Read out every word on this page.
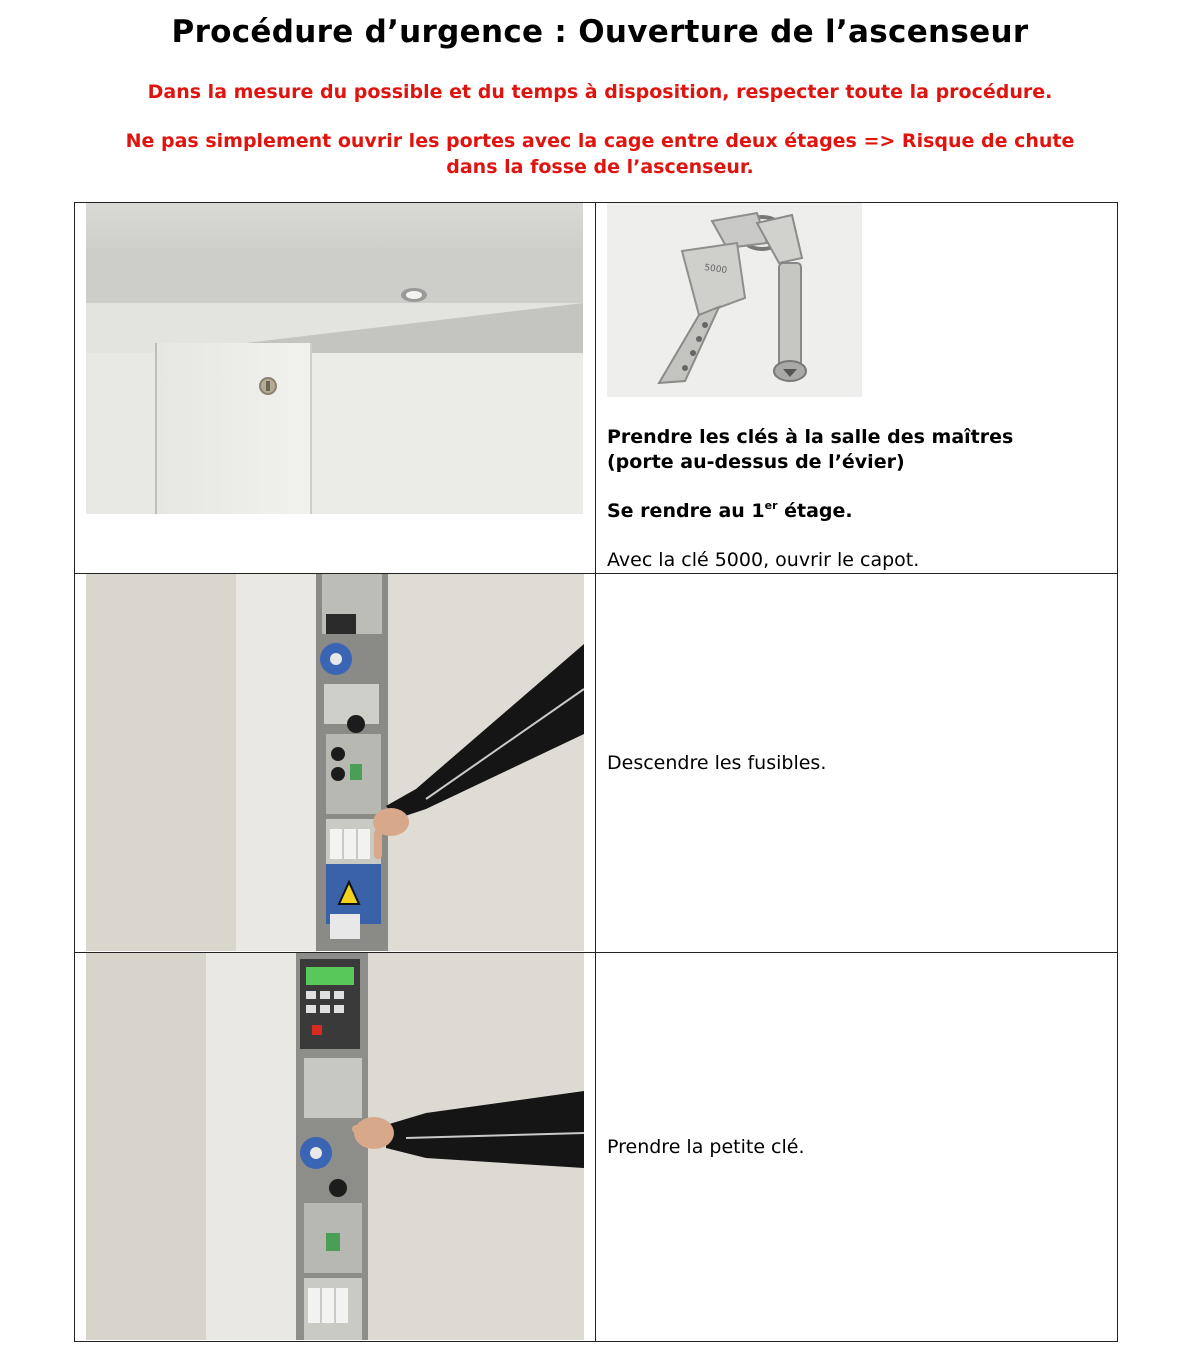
Procédure d’urgence : Ouverture de l’ascenseur
Dans la mesure du possible et du temps à disposition, respecter toute la procédure.
Ne pas simplement ouvrir les portes avec la cage entre deux étages => Risque de chute
dans la fosse de l’ascenseur.

5000
Prendre les clés à la salle des maîtres
(porte au-dessus de l’évier)
Se rendre au 1er étage.
Avec la clé 5000, ouvrir le capot.

Descendre les fusibles.

Prendre la petite clé.
